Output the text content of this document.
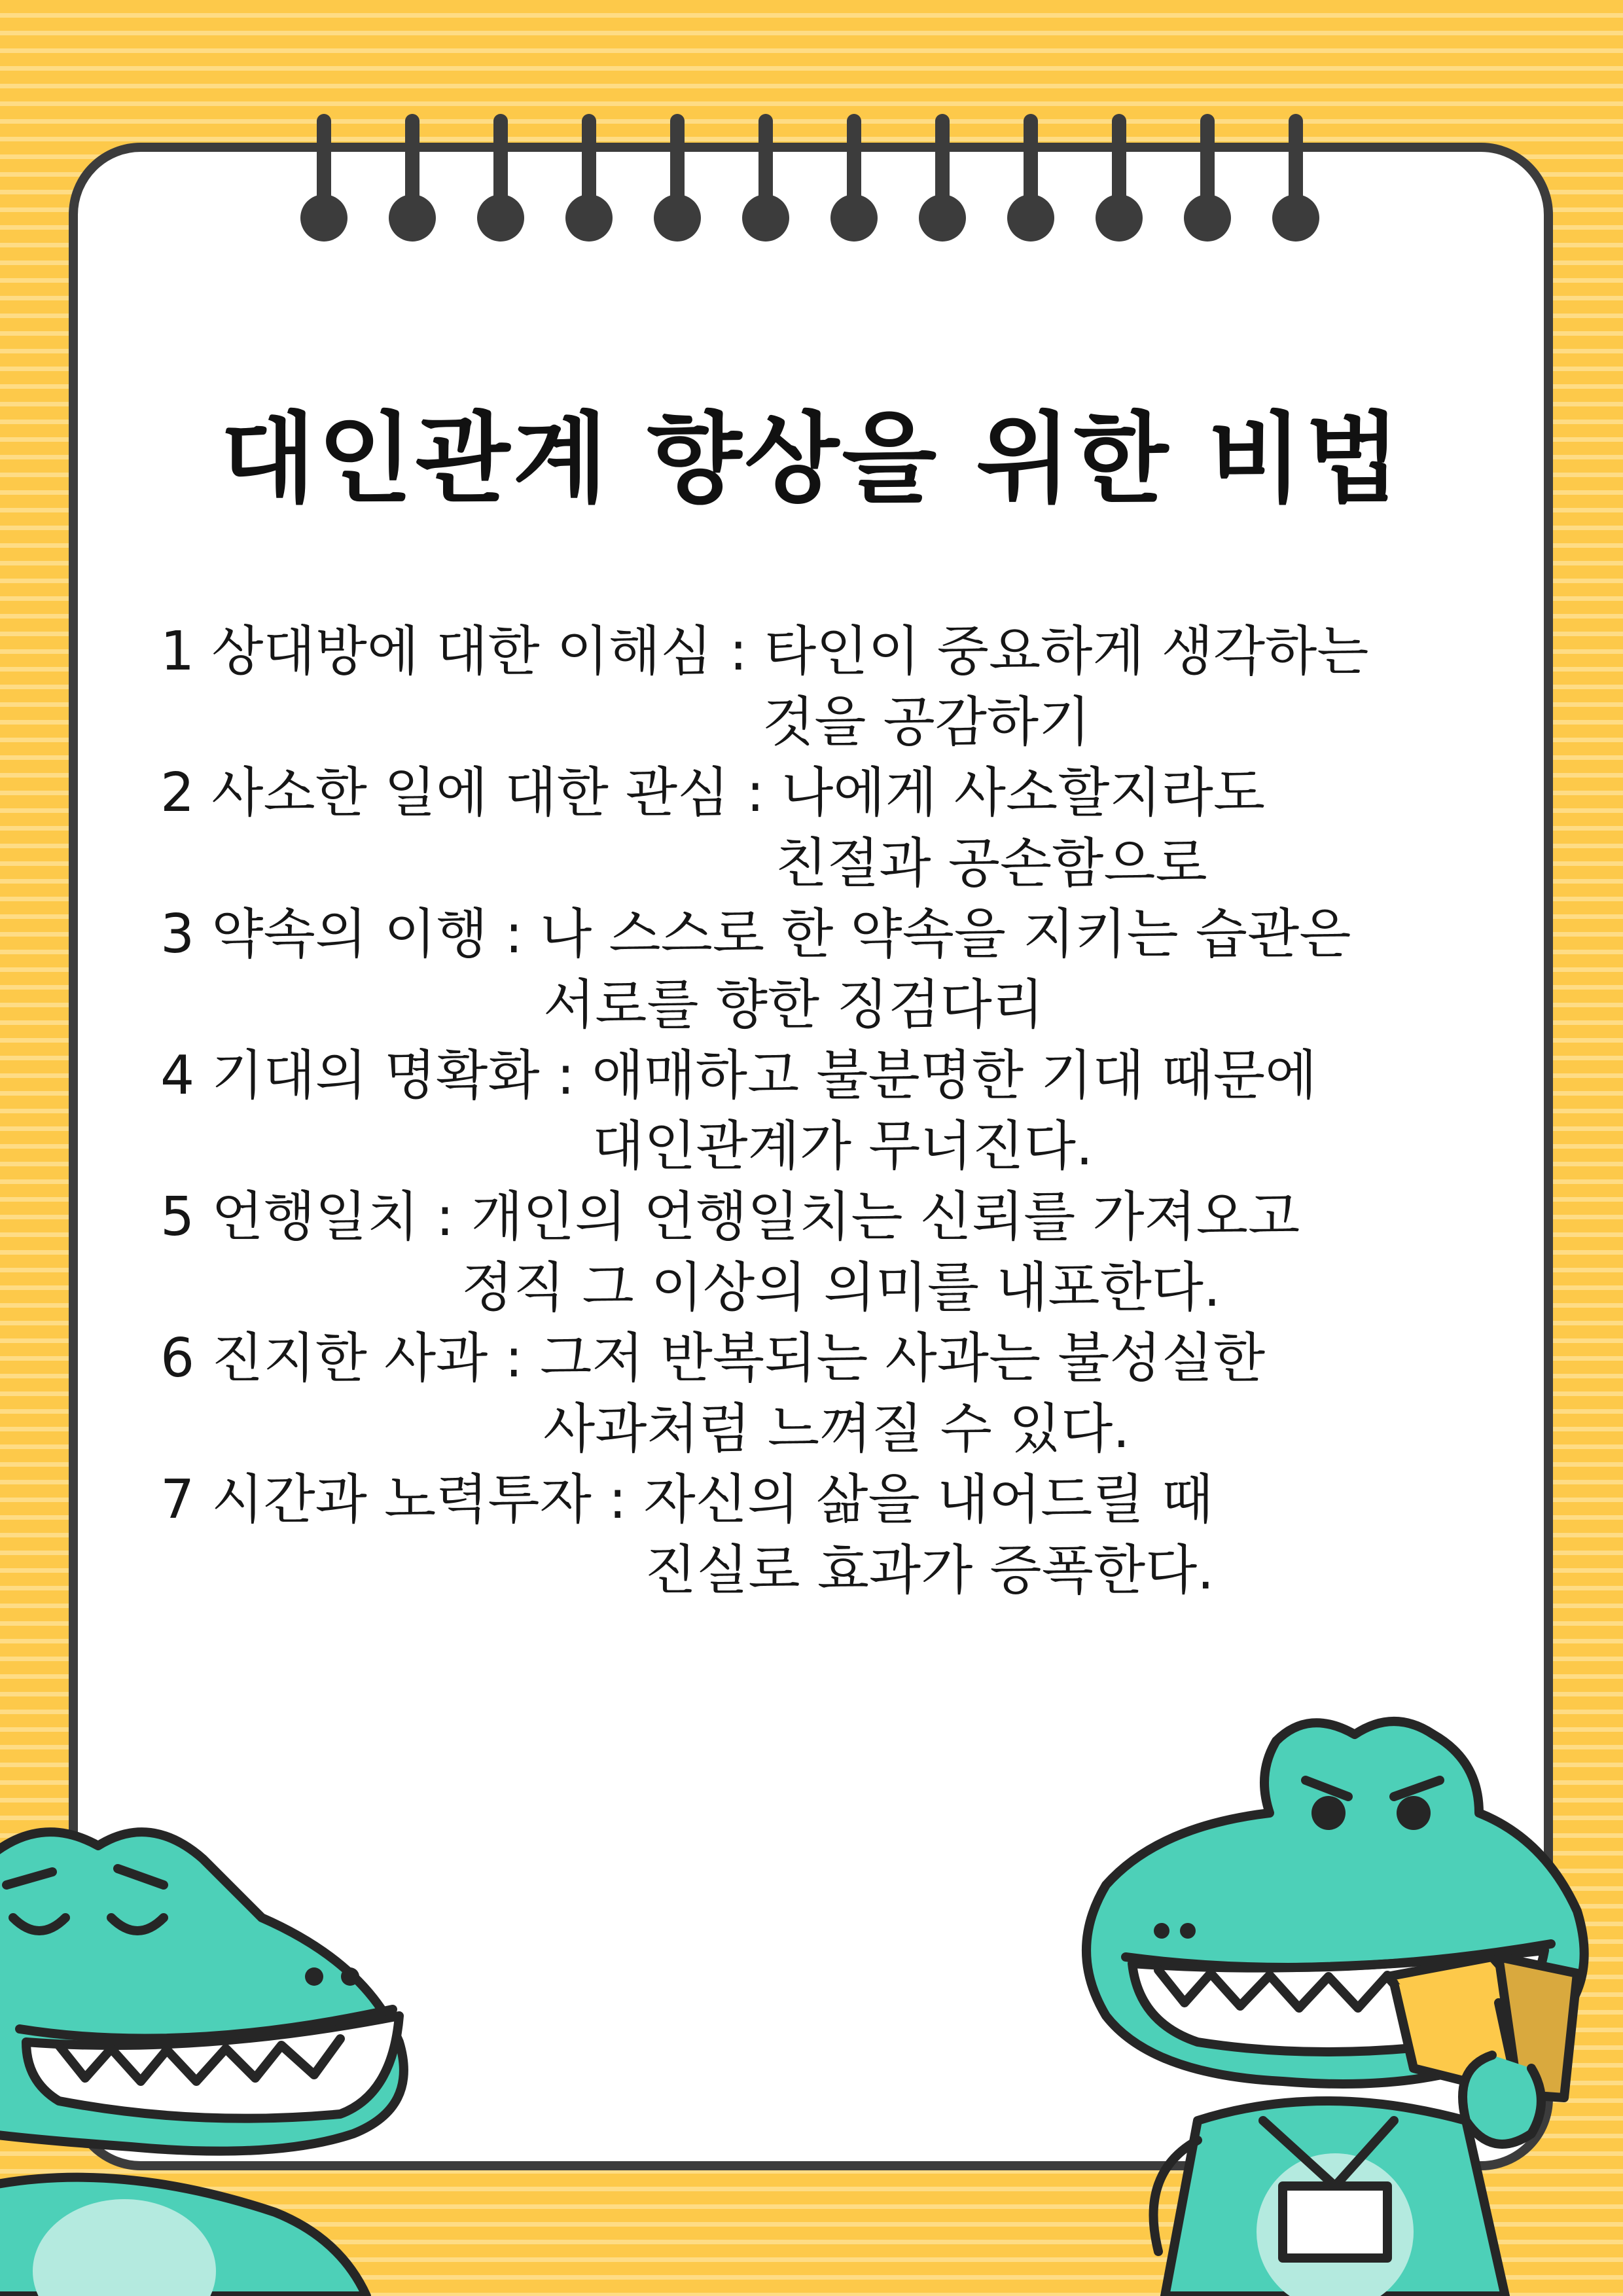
대인관계 향상을 위한 비법
1 상대방에 대한 이해심 : 타인이 중요하게 생각하는
것을 공감하기
2 사소한 일에 대한 관심 : 나에게 사소할지라도
친절과 공손함으로
3 약속의 이행 : 나 스스로 한 약속을 지키는 습관은
서로를 향한 징검다리
4 기대의 명확화 : 애매하고 불분명한 기대 때문에
대인관계가 무너진다.
5 언행일치 : 개인의 언행일치는 신뢰를 가져오고
정직 그 이상의 의미를 내포한다.
6 진지한 사과 : 그저 반복되는 사과는 불성실한
사과처럼 느껴질 수 있다.
7 시간과 노력투자 : 자신의 삶을 내어드릴 때
진실로 효과가 증폭한다.
